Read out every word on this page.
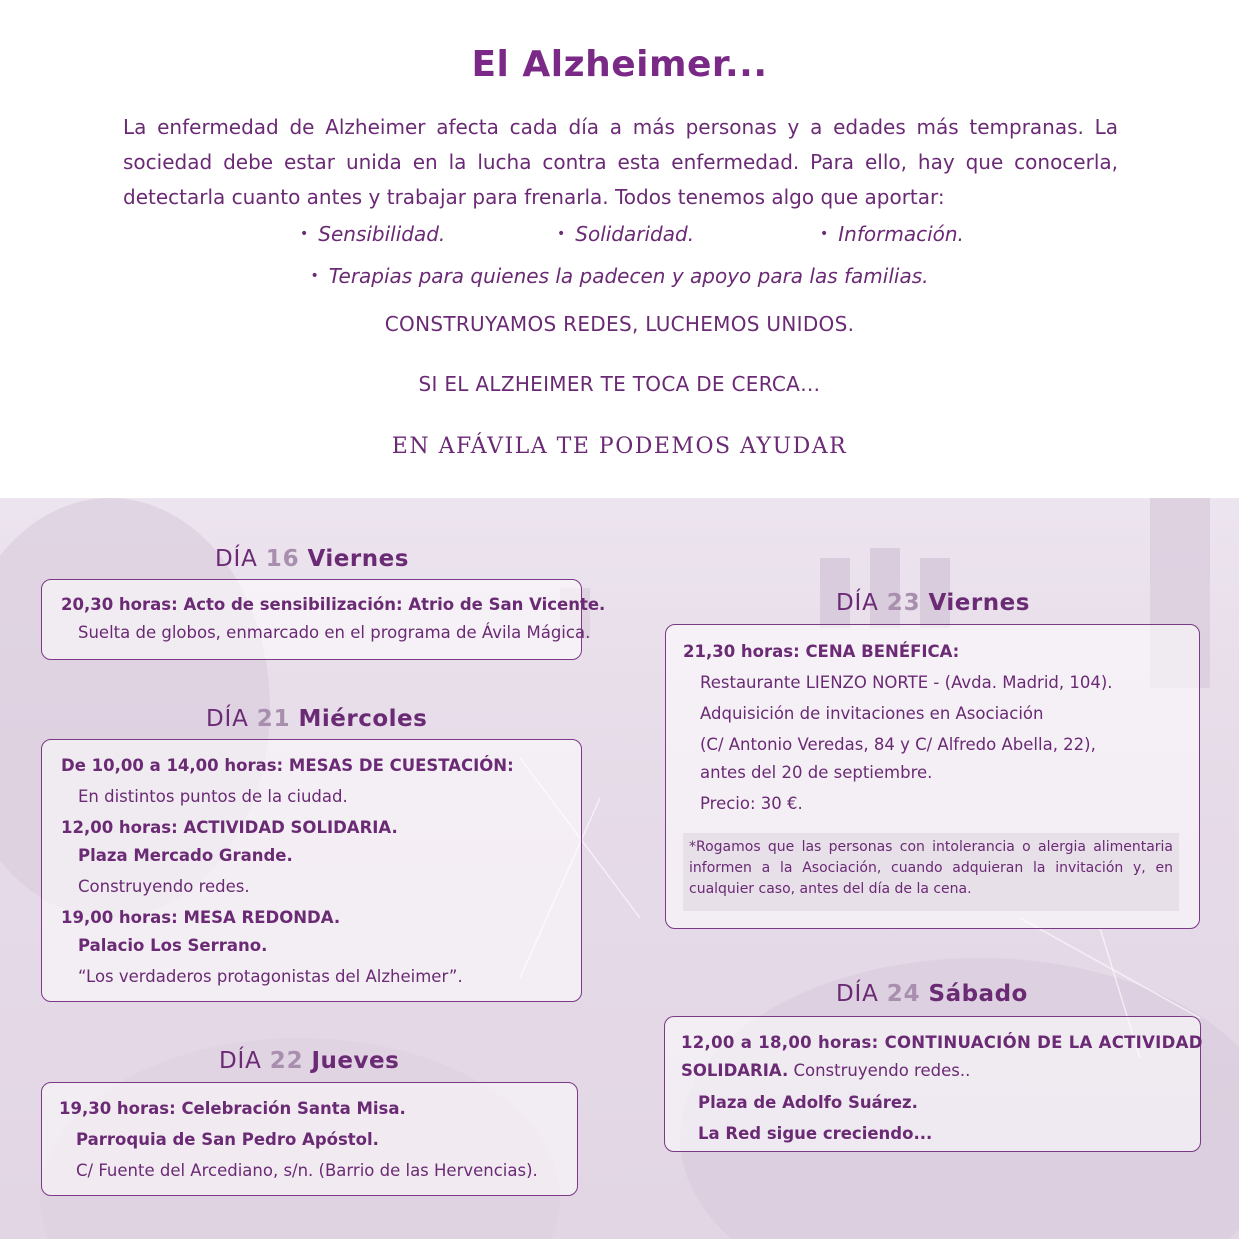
El Alzheimer...
La enfermedad de Alzheimer afecta cada día a más personas y a edades más tempranas. La sociedad debe estar unida en la lucha contra esta enfermedad. Para ello, hay que conocerla, detectarla cuanto antes y trabajar para frenarla. Todos tenemos algo que aportar:
• Sensibilidad.	• Solidaridad.	• Información.
• Terapias para quienes la padecen y apoyo para las familias.
CONSTRUYAMOS REDES, LUCHEMOS UNIDOS.
SI EL ALZHEIMER TE TOCA DE CERCA…
EN AFÁVILA TE PODEMOS AYUDAR
DÍA 16 Viernes
20,30 horas: Acto de sensibilización: Atrio de San Vicente.
Suelta de globos, enmarcado en el programa de Ávila Mágica.
DÍA 21 Miércoles
De 10,00 a 14,00 horas: MESAS DE CUESTACIÓN:
En distintos puntos de la ciudad.
12,00 horas: ACTIVIDAD SOLIDARIA.
Plaza Mercado Grande.
Construyendo redes.
19,00 horas: MESA REDONDA.
Palacio Los Serrano.
“Los verdaderos protagonistas del Alzheimer”.
DÍA 22 Jueves
19,30 horas: Celebración Santa Misa.
Parroquia de San Pedro Apóstol.
C/ Fuente del Arcediano, s/n. (Barrio de las Hervencias).
DÍA 23 Viernes
21,30 horas: CENA BENÉFICA:
Restaurante LIENZO NORTE - (Avda. Madrid, 104).
Adquisición de invitaciones en Asociación
(C/ Antonio Veredas, 84 y C/ Alfredo Abella, 22),
antes del 20 de septiembre.
Precio: 30 €.
*Rogamos que las personas con intolerancia o alergia alimentaria informen a la Asociación, cuando adquieran la invitación y, en cualquier caso, antes del día de la cena.
DÍA 24 Sábado
12,00 a 18,00 horas: CONTINUACIÓN DE LA ACTIVIDAD
SOLIDARIA. Construyendo redes..
Plaza de Adolfo Suárez.
La Red sigue creciendo...
